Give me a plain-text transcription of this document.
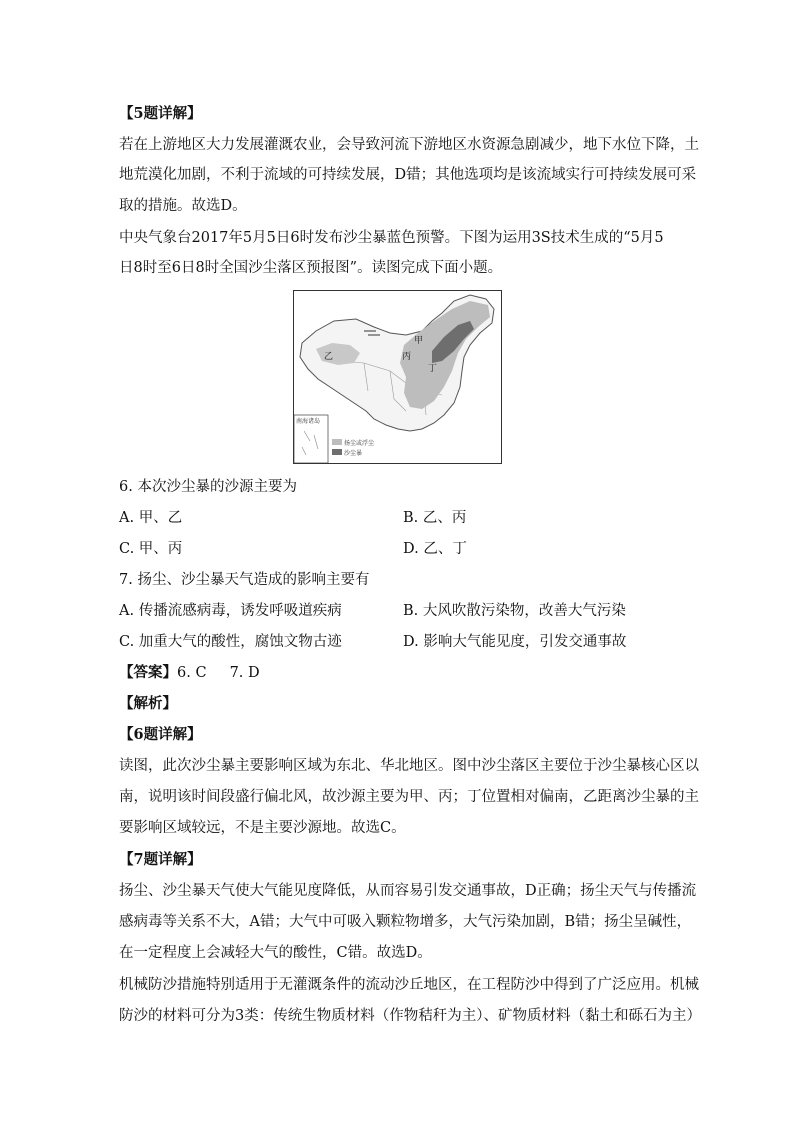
【5题详解】
若在上游地区大力发展灌溉农业，会导致河流下游地区水资源急剧减少，地下水位下降，土
地荒漠化加剧，不利于流域的可持续发展，D错；其他选项均是该流域实行可持续发展可采
取的措施。故选D。
中央气象台2017年5月5日6时发布沙尘暴蓝色预警。下图为运用3S技术生成的“5月5
日8时至6日8时全国沙尘落区预报图”。读图完成下面小题。
甲
乙	丙
丁
南海诸岛
扬尘或浮尘
沙尘暴
6. 本次沙尘暴的沙源主要为
A. 甲、乙	B. 乙、丙
C. 甲、丙	D. 乙、丁
7. 扬尘、沙尘暴天气造成的影响主要有
A. 传播流感病毒，诱发呼吸道疾病	B. 大风吹散污染物，改善大气污染
C. 加重大气的酸性，腐蚀文物古迹	D. 影响大气能见度，引发交通事故
【答案】6. C     7. D
【解析】
【6题详解】
读图，此次沙尘暴主要影响区域为东北、华北地区。图中沙尘落区主要位于沙尘暴核心区以
南，说明该时间段盛行偏北风，故沙源主要为甲、丙；丁位置相对偏南，乙距离沙尘暴的主
要影响区域较远，不是主要沙源地。故选C。
【7题详解】
扬尘、沙尘暴天气使大气能见度降低，从而容易引发交通事故，D正确；扬尘天气与传播流
感病毒等关系不大，A错；大气中可吸入颗粒物增多，大气污染加剧，B错；扬尘呈碱性，
在一定程度上会减轻大气的酸性，C错。故选D。
机械防沙措施特别适用于无灌溉条件的流动沙丘地区，在工程防沙中得到了广泛应用。机械
防沙的材料可分为3类：传统生物质材料（作物秸秆为主）、矿物质材料（黏土和砾石为主）
